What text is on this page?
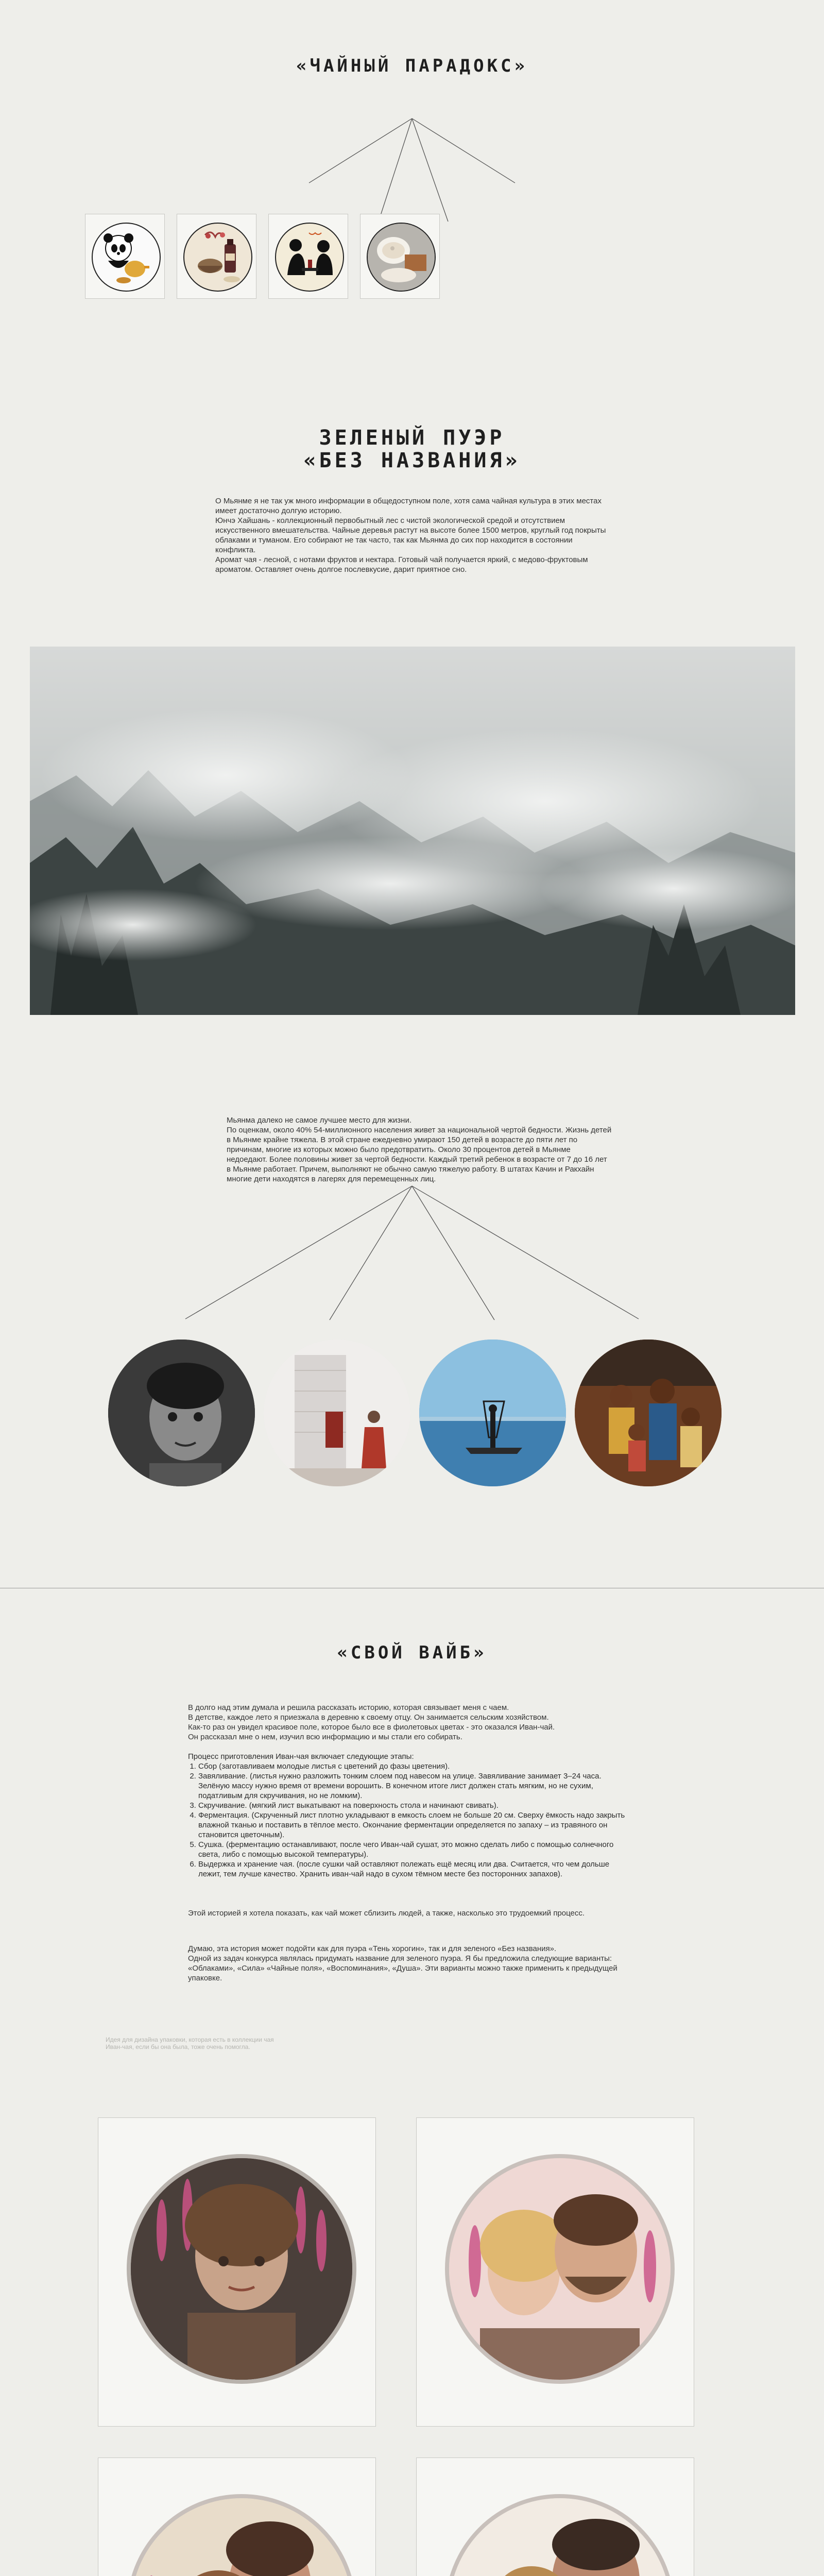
«ЧАЙНЫЙ ПАРАДОКС»
ЗЕЛЕНЫЙ ПУЭР
«БЕЗ НАЗВАНИЯ»
О Мьянме я не так уж много информации в общедоступном поле, хотя сама чайная культура в этих местах имеет достаточно долгую историю.
Юнчэ Хайшань - коллекционный первобытный лес с чистой экологической средой и отсутствием искусственного вмешательства. Чайные деревья растут на высоте более 1500 метров, круглый год покрыты облаками и туманом. Его собирают не так часто, так как Мьянма до сих пор находится в состоянии конфликта.
Аромат чая - лесной, с нотами фруктов и нектара. Готовый чай получается яркий, с медово-фруктовым ароматом. Оставляет очень долгое послевкусие, дарит приятное сно.
Мьянма далеко не самое лучшее место для жизни.
По оценкам, около 40% 54-миллионного населения живет за национальной чертой бедности. Жизнь детей в Мьянме крайне тяжела. В этой стране ежедневно умирают 150 детей в возрасте до пяти лет по причинам, многие из которых можно было предотвратить. Около 30 процентов детей в Мьянме недоедают. Более половины живет за чертой бедности. Каждый третий ребенок в возрасте от 7 до 16 лет в Мьянме работает. Причем, выполняют не обычно самую тяжелую работу. В штатах Качин и Ракхайн многие дети находятся в лагерях для перемещенных лиц.
«СВОЙ ВАЙБ»
В долго над этим думала и решила рассказать историю, которая связывает меня с чаем.
В детстве, каждое лето я приезжала в деревню к своему отцу. Он занимается сельским хозяйством.
Как-то раз он увидел красивое поле, которое было все в фиолетовых цветах - это оказался Иван-чай.
Он рассказал мне о нем, изучил всю информацию и мы стали его собирать.
Процесс приготовления Иван-чая включает следующие этапы:
1. Сбор (заготавливаем молодые листья с цветений до фазы цветения).
2. Завяливание. (листья нужно разложить тонким слоем под навесом на улице. Завяливание занимает 3–24 часа. Зелёную массу нужно время от времени ворошить. В конечном итоге лист должен стать мягким, но не сухим, податливым для скручивания, но не ломким).
3. Скручивание. (мягкий лист выкатывают на поверхность стола и начинают свивать).
4. Ферментация. (Скрученный лист плотно укладывают в емкость слоем не больше 20 см. Сверху ёмкость надо закрыть влажной тканью и поставить в тёплое место. Окончание ферментации определяется по запаху – из травяного он становится цветочным).
5. Сушка. (ферментацию останавливают, после чего Иван-чай сушат, это можно сделать либо с помощью солнечного света, либо с помощью высокой температуры).
6. Выдержка и хранение чая. (после сушки чай оставляют полежать ещё месяц или два. Считается, что чем дольше лежит, тем лучше качество. Хранить иван-чай надо в сухом тёмном месте без посторонних запахов).
Этой историей я хотела показать, как чай может сблизить людей, а также, насколько это трудоемкий процесс.
Думаю, эта история может подойти как для пуэра «Тень хорогин», так и для зеленого «Без названия».
Одной из задач конкурса являлась придумать название для зеленого пуэра. Я бы предложила следующие варианты: «Облаками», «Сила» «Чайные поля», «Воспоминания», «Душа». Эти варианты можно также применить к предыдущей упаковке.
Идея для дизайна упаковки, которая есть в коллекции чая Иван-чая, если бы она была, тоже очень помогла.
